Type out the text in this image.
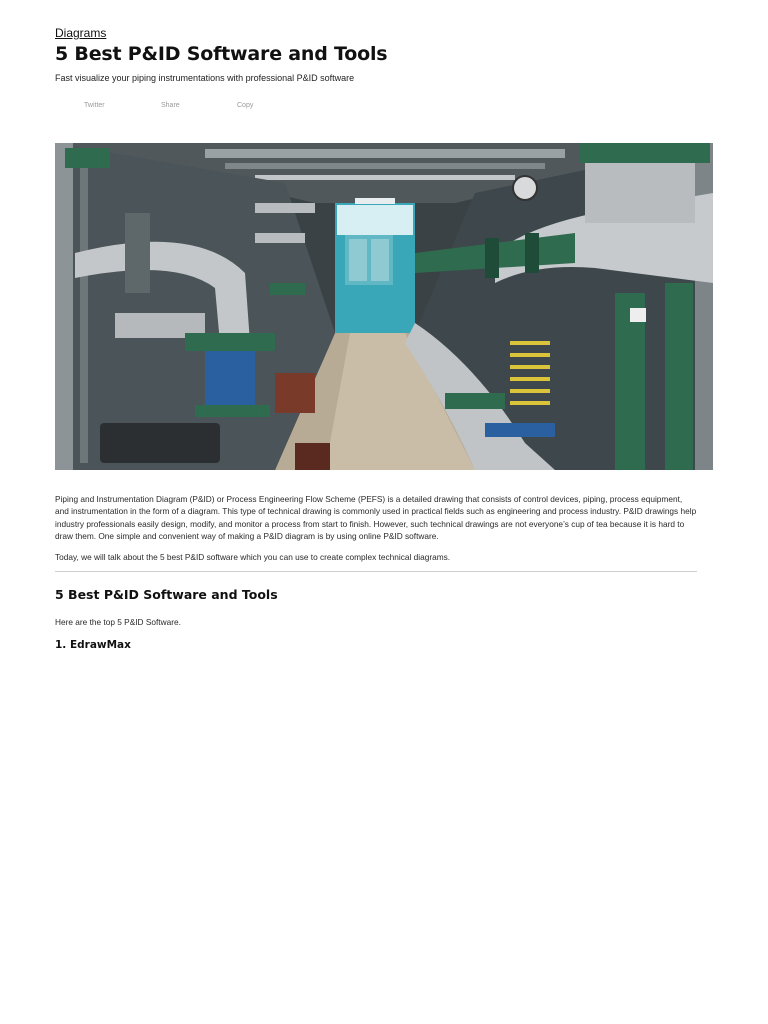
Diagrams
5 Best P&ID Software and Tools
Fast visualize your piping instrumentations with professional P&ID software
Twitter	Share	Copy

Piping and Instrumentation Diagram (P&ID) or Process Engineering Flow Scheme (PEFS) is a detailed drawing that consists of control devices, piping, process equipment, and instrumentation in the form of a diagram. This type of technical drawing is commonly used in practical fields such as engineering and process industry. P&ID drawings help industry professionals easily design, modify, and monitor a process from start to finish. However, such technical drawings are not everyone’s cup of tea because it is hard to draw them. One simple and convenient way of making a P&ID diagram is by using online P&ID software.

Today, we will talk about the 5 best P&ID software which you can use to create complex technical diagrams.

5 Best P&ID Software and Tools
Here are the top 5 P&ID Software.
1. EdrawMax
